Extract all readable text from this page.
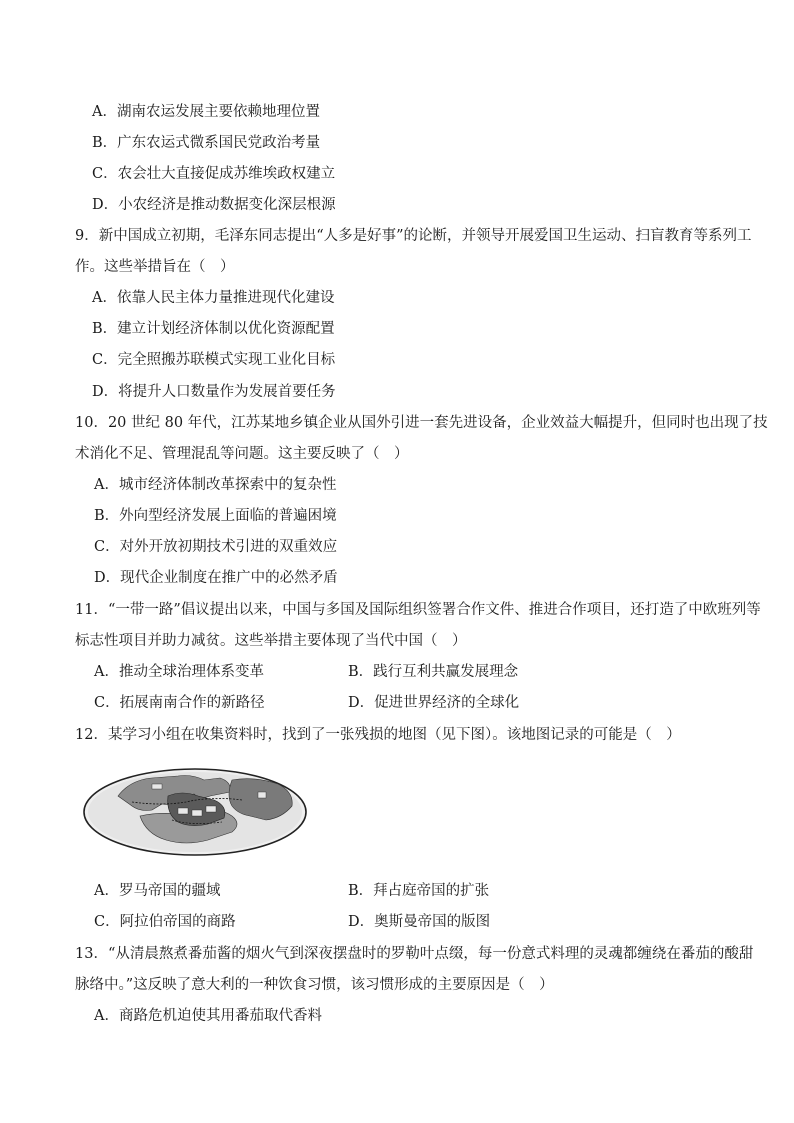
A．湖南农运发展主要依赖地理位置
B．广东农运式微系国民党政治考量
C．农会壮大直接促成苏维埃政权建立
D．小农经济是推动数据变化深层根源
9．新中国成立初期，毛泽东同志提出“人多是好事”的论断，并领导开展爱国卫生运动、扫盲教育等系列工
作。这些举措旨在（　）
A．依靠人民主体力量推进现代化建设
B．建立计划经济体制以优化资源配置
C．完全照搬苏联模式实现工业化目标
D．将提升人口数量作为发展首要任务
10．20 世纪 80 年代，江苏某地乡镇企业从国外引进一套先进设备，企业效益大幅提升，但同时也出现了技
术消化不足、管理混乱等问题。这主要反映了（　）
A．城市经济体制改革探索中的复杂性
B．外向型经济发展上面临的普遍困境
C．对外开放初期技术引进的双重效应
D．现代企业制度在推广中的必然矛盾
11．“一带一路”倡议提出以来，中国与多国及国际组织签署合作文件、推进合作项目，还打造了中欧班列等
标志性项目并助力减贫。这些举措主要体现了当代中国（　）
A．推动全球治理体系变革	B．践行互利共赢发展理念
C．拓展南南合作的新路径	D．促进世界经济的全球化
12．某学习小组在收集资料时，找到了一张残损的地图（见下图）。该地图记录的可能是（　）
A．罗马帝国的疆域	B．拜占庭帝国的扩张
C．阿拉伯帝国的商路	D．奥斯曼帝国的版图
13．“从清晨熬煮番茄酱的烟火气到深夜摆盘时的罗勒叶点缀，每一份意式料理的灵魂都缠绕在番茄的酸甜
脉络中。”这反映了意大利的一种饮食习惯，该习惯形成的主要原因是（　）
A．商路危机迫使其用番茄取代香料
